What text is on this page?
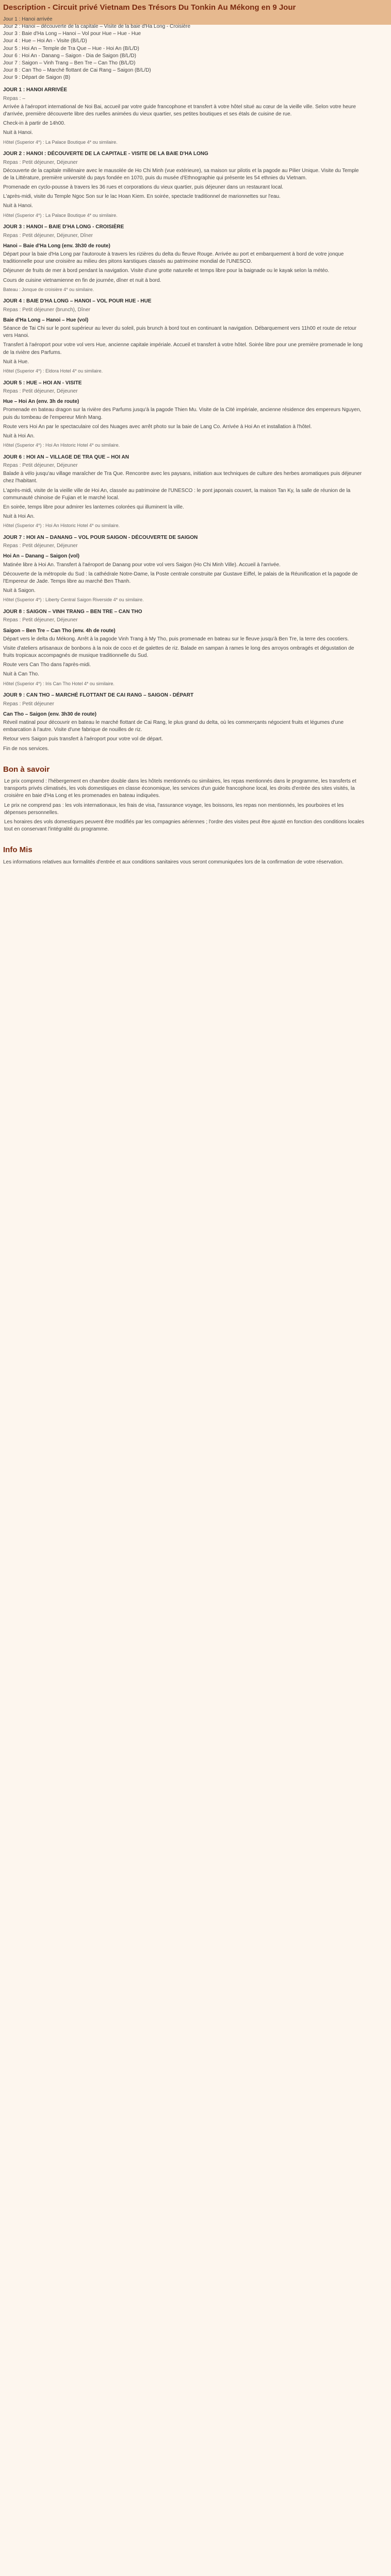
Description - Circuit privé Vietnam Des Trésors Du Tonkin Au Mékong en 9 Jour

Jour 1 : Hanoi arrivée

Jour 2 : Hanoi – découverte de la capitale – Visite de la baie d'Ha Long - Croisière

Jour 3 : Baie d'Ha Long – Hanoi – Vol pour Hue – Hue - Hue

Jour 4 : Hue – Hoi An - Visite (B/L/D)

Jour 5 : Hoi An – Temple de Tra Que – Hue - Hoi An (B/L/D)

Jour 6 : Hoi An - Danang – Saigon - Dia de Saigon (B/L/D)

Jour 7 : Saigon – Vinh Trang – Ben Tre – Can Tho (B/L/D)

Jour 8 : Can Tho – Marché flottant de Cai Rang – Saigon (B/L/D)

Jour 9 : Départ de Saigon (B)

JOUR 1 : HANOI ARRIVÉE
Repas : –

Arrivée à l'aéroport international de Noi Bai, accueil par votre guide francophone et transfert à votre hôtel situé au cœur de la vieille ville. Selon votre heure d'arrivée, première découverte libre des ruelles animées du vieux quartier, ses petites boutiques et ses étals de cuisine de rue.

Check-in à partir de 14h00.

Nuit à Hanoi.

Hôtel (Superior 4*) : La Palace Boutique 4* ou similaire.
JOUR 2 : HANOI : DÉCOUVERTE DE LA CAPITALE - VISITE DE LA BAIE D'HA LONG
Repas : Petit déjeuner, Déjeuner

Découverte de la capitale millénaire avec le mausolée de Ho Chi Minh (vue extérieure), sa maison sur pilotis et la pagode au Pilier Unique. Visite du Temple de la Littérature, première université du pays fondée en 1070, puis du musée d'Ethnographie qui présente les 54 ethnies du Vietnam.

Promenade en cyclo-pousse à travers les 36 rues et corporations du vieux quartier, puis déjeuner dans un restaurant local.

L'après-midi, visite du Temple Ngoc Son sur le lac Hoan Kiem. En soirée, spectacle traditionnel de marionnettes sur l'eau.

Nuit à Hanoi.

Hôtel (Superior 4*) : La Palace Boutique 4* ou similaire.
JOUR 3 : HANOI – BAIE D'HA LONG - CROISIÈRE
Repas : Petit déjeuner, Déjeuner, Dîner
Hanoi – Baie d'Ha Long (env. 3h30 de route)

Départ pour la baie d'Ha Long par l'autoroute à travers les rizières du delta du fleuve Rouge. Arrivée au port et embarquement à bord de votre jonque traditionnelle pour une croisière au milieu des pitons karstiques classés au patrimoine mondial de l'UNESCO.

Déjeuner de fruits de mer à bord pendant la navigation. Visite d'une grotte naturelle et temps libre pour la baignade ou le kayak selon la météo.

Cours de cuisine vietnamienne en fin de journée, dîner et nuit à bord.

Bateau : Jonque de croisière 4* ou similaire.
JOUR 4 : BAIE D'HA LONG – HANOI – VOL POUR HUE - HUE
Repas : Petit déjeuner (brunch), Dîner
Baie d'Ha Long – Hanoi – Hue (vol)

Séance de Tai Chi sur le pont supérieur au lever du soleil, puis brunch à bord tout en continuant la navigation. Débarquement vers 11h00 et route de retour vers Hanoi.

Transfert à l'aéroport pour votre vol vers Hue, ancienne capitale impériale. Accueil et transfert à votre hôtel. Soirée libre pour une première promenade le long de la rivière des Parfums.

Nuit à Hue.

Hôtel (Superior 4*) : Eldora Hotel 4* ou similaire.
JOUR 5 : HUE – HOI AN - VISITE
Repas : Petit déjeuner, Déjeuner
Hue – Hoi An (env. 3h de route)

Promenade en bateau dragon sur la rivière des Parfums jusqu'à la pagode Thien Mu. Visite de la Cité impériale, ancienne résidence des empereurs Nguyen, puis du tombeau de l'empereur Minh Mang.

Route vers Hoi An par le spectaculaire col des Nuages avec arrêt photo sur la baie de Lang Co. Arrivée à Hoi An et installation à l'hôtel.

Nuit à Hoi An.

Hôtel (Superior 4*) : Hoi An Historic Hotel 4* ou similaire.
JOUR 6 : HOI AN – VILLAGE DE TRA QUE – HOI AN
Repas : Petit déjeuner, Déjeuner

Balade à vélo jusqu'au village maraîcher de Tra Que. Rencontre avec les paysans, initiation aux techniques de culture des herbes aromatiques puis déjeuner chez l'habitant.

L'après-midi, visite de la vieille ville de Hoi An, classée au patrimoine de l'UNESCO : le pont japonais couvert, la maison Tan Ky, la salle de réunion de la communauté chinoise de Fujian et le marché local.

En soirée, temps libre pour admirer les lanternes colorées qui illuminent la ville.

Nuit à Hoi An.

Hôtel (Superior 4*) : Hoi An Historic Hotel 4* ou similaire.
JOUR 7 : HOI AN – DANANG – VOL POUR SAIGON - DÉCOUVERTE DE SAIGON
Repas : Petit déjeuner, Déjeuner
Hoi An – Danang – Saigon (vol)

Matinée libre à Hoi An. Transfert à l'aéroport de Danang pour votre vol vers Saigon (Ho Chi Minh Ville). Accueil à l'arrivée.

Découverte de la métropole du Sud : la cathédrale Notre-Dame, la Poste centrale construite par Gustave Eiffel, le palais de la Réunification et la pagode de l'Empereur de Jade. Temps libre au marché Ben Thanh.

Nuit à Saigon.

Hôtel (Superior 4*) : Liberty Central Saigon Riverside 4* ou similaire.
JOUR 8 : SAIGON – VINH TRANG – BEN TRE – CAN THO
Repas : Petit déjeuner, Déjeuner
Saigon – Ben Tre – Can Tho (env. 4h de route)

Départ vers le delta du Mékong. Arrêt à la pagode Vinh Trang à My Tho, puis promenade en bateau sur le fleuve jusqu'à Ben Tre, la terre des cocotiers.

Visite d'ateliers artisanaux de bonbons à la noix de coco et de galettes de riz. Balade en sampan à rames le long des arroyos ombragés et dégustation de fruits tropicaux accompagnés de musique traditionnelle du Sud.

Route vers Can Tho dans l'après-midi.

Nuit à Can Tho.

Hôtel (Superior 4*) : Iris Can Tho Hotel 4* ou similaire.
JOUR 9 : CAN THO – MARCHÉ FLOTTANT DE CAI RANG – SAIGON - DÉPART
Repas : Petit déjeuner
Can Tho – Saigon (env. 3h30 de route)

Réveil matinal pour découvrir en bateau le marché flottant de Cai Rang, le plus grand du delta, où les commerçants négocient fruits et légumes d'une embarcation à l'autre. Visite d'une fabrique de nouilles de riz.

Retour vers Saigon puis transfert à l'aéroport pour votre vol de départ.

Fin de nos services.

Bon à savoir
Le prix comprend : l'hébergement en chambre double dans les hôtels mentionnés ou similaires, les repas mentionnés dans le programme, les transferts et transports privés climatisés, les vols domestiques en classe économique, les services d'un guide francophone local, les droits d'entrée des sites visités, la croisière en baie d'Ha Long et les promenades en bateau indiquées.
Le prix ne comprend pas : les vols internationaux, les frais de visa, l'assurance voyage, les boissons, les repas non mentionnés, les pourboires et les dépenses personnelles.
Les horaires des vols domestiques peuvent être modifiés par les compagnies aériennes ; l'ordre des visites peut être ajusté en fonction des conditions locales tout en conservant l'intégralité du programme.
Info Mis

Les informations relatives aux formalités d'entrée et aux conditions sanitaires vous seront communiquées lors de la confirmation de votre réservation.
